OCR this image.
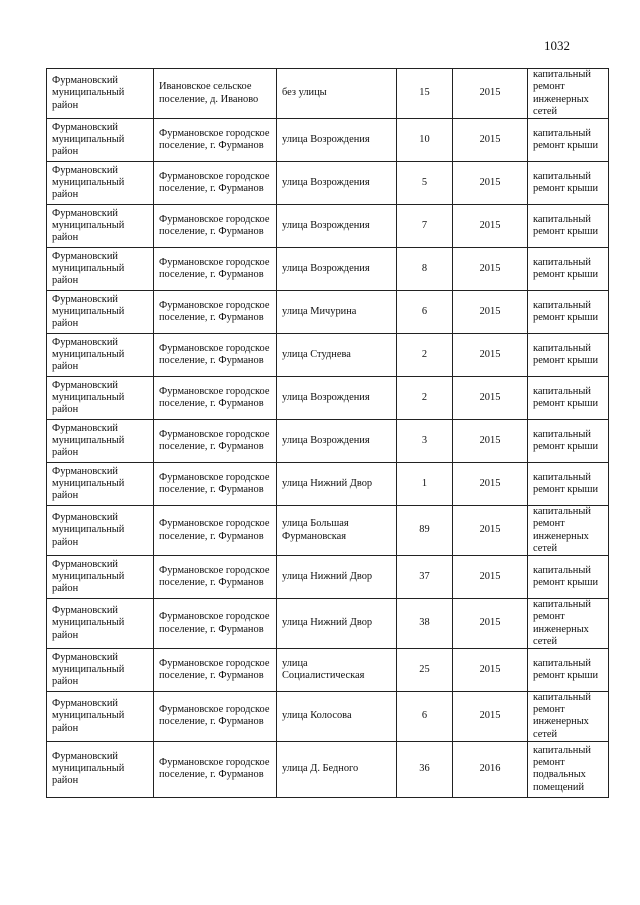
1032
Фурмановский муниципальный район	Ивановское сельское поселение, д. Иваново	без улицы	15	2015	капитальный ремонт инженерных сетей
Фурмановский муниципальный район	Фурмановское городское поселение, г. Фурманов	улица Возрождения	10	2015	капитальный ремонт крыши
Фурмановский муниципальный район	Фурмановское городское поселение, г. Фурманов	улица Возрождения	5	2015	капитальный ремонт крыши
Фурмановский муниципальный район	Фурмановское городское поселение, г. Фурманов	улица Возрождения	7	2015	капитальный ремонт крыши
Фурмановский муниципальный район	Фурмановское городское поселение, г. Фурманов	улица Возрождения	8	2015	капитальный ремонт крыши
Фурмановский муниципальный район	Фурмановское городское поселение, г. Фурманов	улица Мичурина	6	2015	капитальный ремонт крыши
Фурмановский муниципальный район	Фурмановское городское поселение, г. Фурманов	улица Студнева	2	2015	капитальный ремонт крыши
Фурмановский муниципальный район	Фурмановское городское поселение, г. Фурманов	улица Возрождения	2	2015	капитальный ремонт крыши
Фурмановский муниципальный район	Фурмановское городское поселение, г. Фурманов	улица Возрождения	3	2015	капитальный ремонт крыши
Фурмановский муниципальный район	Фурмановское городское поселение, г. Фурманов	улица Нижний Двор	1	2015	капитальный ремонт крыши
Фурмановский муниципальный район	Фурмановское городское поселение, г. Фурманов	улица Большая Фурмановская	89	2015	капитальный ремонт инженерных сетей
Фурмановский муниципальный район	Фурмановское городское поселение, г. Фурманов	улица Нижний Двор	37	2015	капитальный ремонт крыши
Фурмановский муниципальный район	Фурмановское городское поселение, г. Фурманов	улица Нижний Двор	38	2015	капитальный ремонт инженерных сетей
Фурмановский муниципальный район	Фурмановское городское поселение, г. Фурманов	улица Социалистическая	25	2015	капитальный ремонт крыши
Фурмановский муниципальный район	Фурмановское городское поселение, г. Фурманов	улица Колосова	6	2015	капитальный ремонт инженерных сетей
Фурмановский муниципальный район	Фурмановское городское поселение, г. Фурманов	улица Д. Бедного	36	2016	капитальный ремонт подвальных помещений
